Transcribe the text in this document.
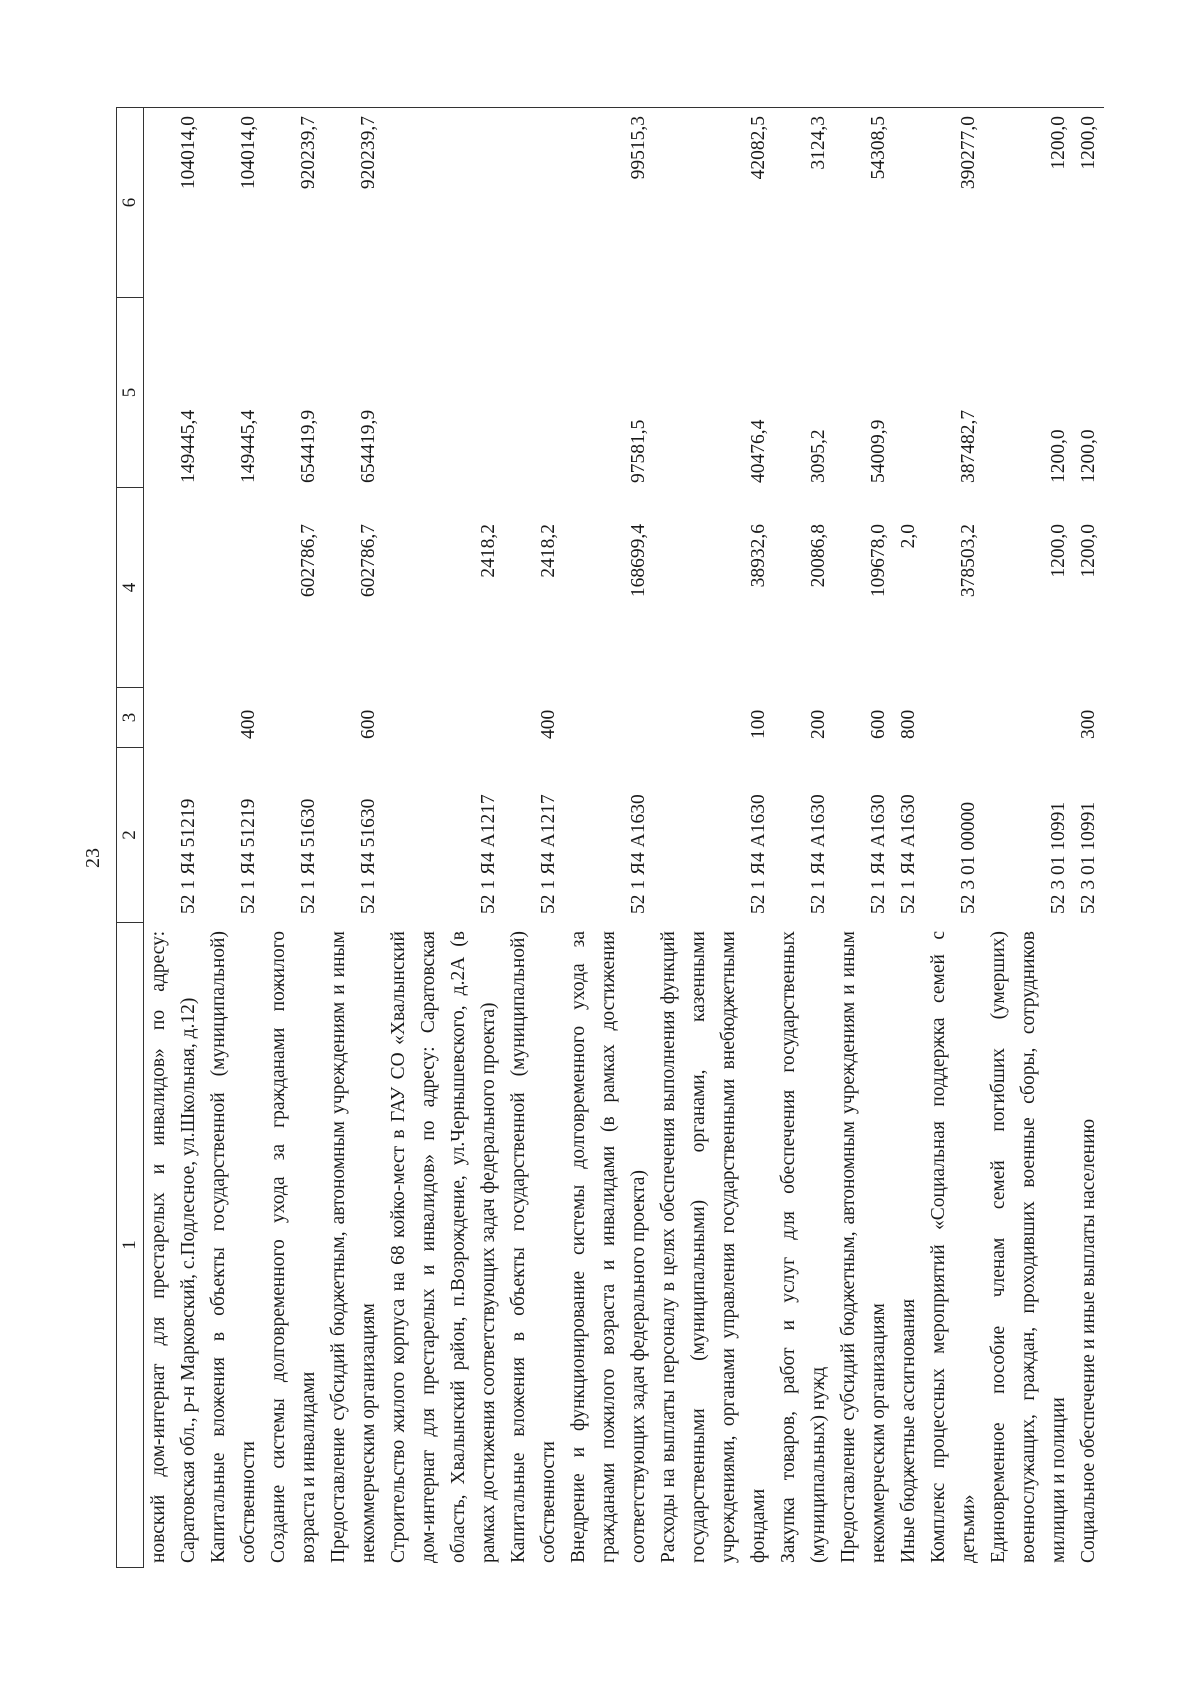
23
1	2	3	4	5	6
новский дом-интернат для престарелых и инвалидов» по адресу: Саратовская обл., р-н Марковский, с.Подлесное, ул.Школьная, д.12)	52 1 Я4 51219			149445,4	104014,0
Капитальные вложения в объекты государственной (муниципальной) собственности	52 1 Я4 51219	400		149445,4	104014,0
Создание системы долговременного ухода за гражданами пожилого возраста и инвалидами	52 1 Я4 51630		602786,7	654419,9	920239,7
Предоставление субсидий бюджетным, автономным учреждениям и иным некоммерческим организациям	52 1 Я4 51630	600	602786,7	654419,9	920239,7
Строительство жилого корпуса на 68 койко-мест в ГАУ СО «Хвалынский дом-интернат для престарелых и инвалидов» по адресу: Саратовская область, Хвалынский район, п.Возрождение, ул.Чернышевского, д.2А (в рамках достижения соответствующих задач федерального проекта)	52 1 Я4 А1217		2418,2		
Капитальные вложения в объекты государственной (муниципальной) собственности	52 1 Я4 А1217	400	2418,2		
Внедрение и функционирование системы долговременного ухода за гражданами пожилого возраста и инвалидами (в рамках достижения соответствующих задач федерального проекта)	52 1 Я4 А1630		168699,4	97581,5	99515,3
Расходы на выплаты персоналу в целях обеспечения выполнения функций государственными (муниципальными) органами, казенными учреждениями, органами управления государственными внебюджетными фондами	52 1 Я4 А1630	100	38932,6	40476,4	42082,5
Закупка товаров, работ и услуг для обеспечения государственных (муниципальных) нужд	52 1 Я4 А1630	200	20086,8	3095,2	3124,3
Предоставление субсидий бюджетным, автономным учреждениям и иным некоммерческим организациям	52 1 Я4 А1630	600	109678,0	54009,9	54308,5
Иные бюджетные ассигнования	52 1 Я4 А1630	800	2,0		
Комплекс процессных мероприятий «Социальная поддержка семей с детьми»	52 3 01 00000		378503,2	387482,7	390277,0
Единовременное пособие членам семей погибших (умерших) военнослужащих, граждан, проходивших военные сборы, сотрудников милиции и полиции	52 3 01 10991		1200,0	1200,0	1200,0
Социальное обеспечение и иные выплаты населению	52 3 01 10991	300	1200,0	1200,0	1200,0
